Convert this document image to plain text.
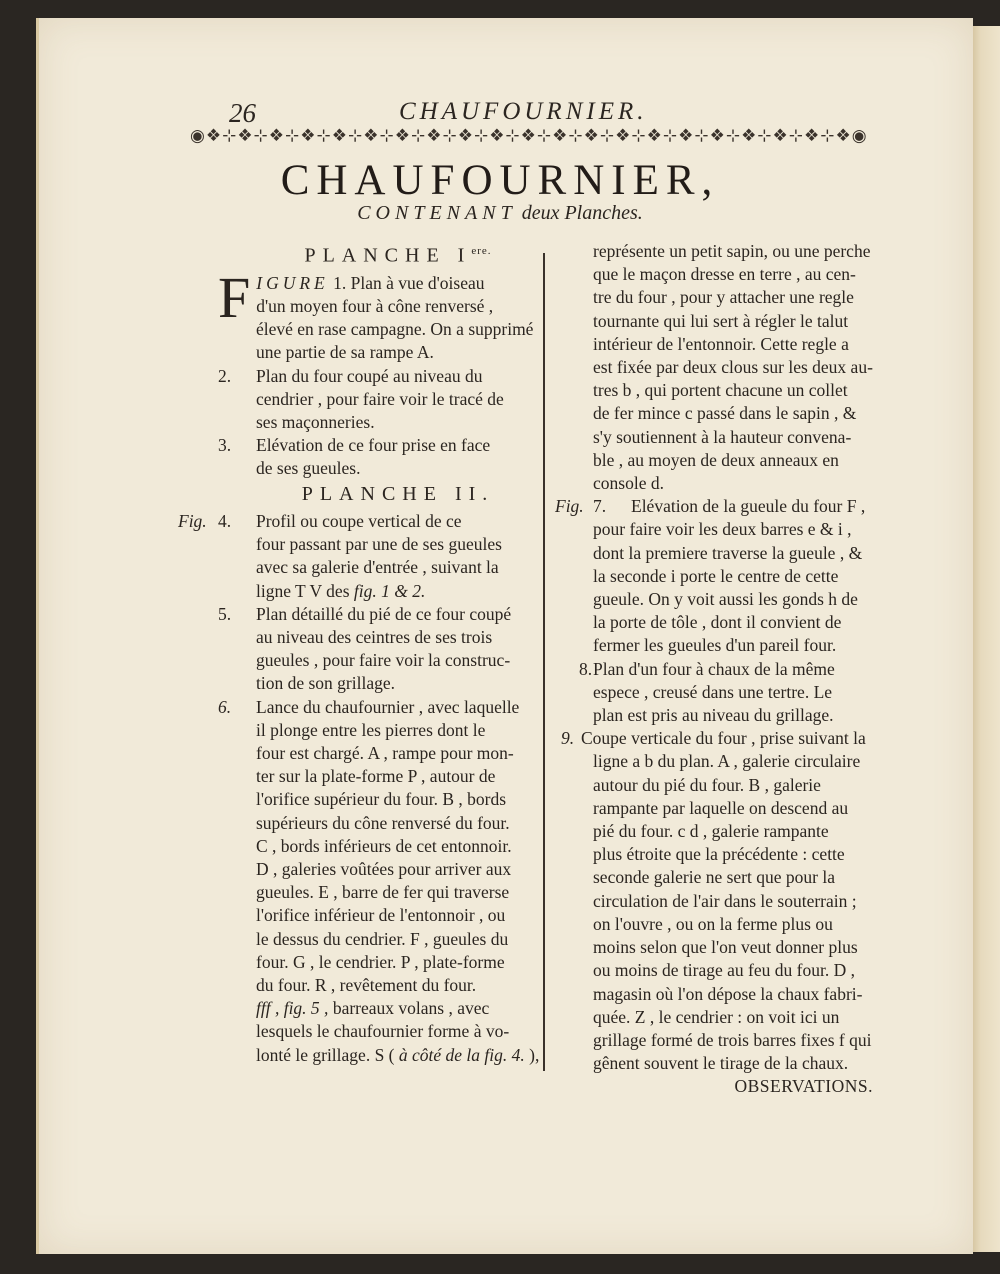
26	CHAUFOURNIER.
◉❖⊹❖⊹❖⊹❖⊹❖⊹❖⊹❖⊹❖⊹❖⊹❖⊹❖⊹❖⊹❖⊹❖⊹❖⊹❖⊹❖⊹❖⊹❖⊹❖⊹❖◉
CHAUFOURNIER,
CONTENANT deux Planches.
PLANCHE $I^{ere.}$
F IGURE 1. Plan à vue d'oiseau
d'un moyen four à cône renversé ,
élevé en rase campagne. On a supprimé
une partie de sa rampe A.
2. Plan du four coupé au niveau du
cendrier , pour faire voir le tracé de
ses maçonneries.
3. Elévation de ce four prise en face
de ses gueules.
PLANCHE II.
Fig. 4. Profil ou coupe vertical de ce
four passant par une de ses gueules
avec sa galerie d'entrée , suivant la
ligne T V des fig. 1 & 2.
5. Plan détaillé du pié de ce four coupé
au niveau des ceintres de ses trois
gueules , pour faire voir la construc-
tion de son grillage.
6. Lance du chaufournier , avec laquelle
il plonge entre les pierres dont le
four est chargé. A , rampe pour mon-
ter sur la plate-forme P , autour de
l'orifice supérieur du four. B , bords
supérieurs du cône renversé du four.
C , bords inférieurs de cet entonnoir.
D , galeries voûtées pour arriver aux
gueules. E , barre de fer qui traverse
l'orifice inférieur de l'entonnoir , ou
le dessus du cendrier. F , gueules du
four. G , le cendrier. P , plate-forme
du four. R , revêtement du four.
fff , fig. 5 , barreaux volans , avec
lesquels le chaufournier forme à vo-
lonté le grillage. S ( à côté de la fig. 4. ),
représente un petit sapin, ou une perche
que le maçon dresse en terre , au cen-
tre du four , pour y attacher une regle
tournante qui lui sert à régler le talut
intérieur de l'entonnoir. Cette regle a
est fixée par deux clous sur les deux au-
tres b , qui portent chacune un collet
de fer mince c passé dans le sapin , &
s'y soutiennent à la hauteur convena-
ble , au moyen de deux anneaux en
console d.
Fig. 7. Elévation de la gueule du four F ,
pour faire voir les deux barres e & i ,
dont la premiere traverse la gueule , &
la seconde i porte le centre de cette
gueule. On y voit aussi les gonds h de
la porte de tôle , dont il convient de
fermer les gueules d'un pareil four.
8.Plan d'un four à chaux de la même
espece , creusé dans une tertre. Le
plan est pris au niveau du grillage.
9. Coupe verticale du four , prise suivant la
ligne a b du plan. A , galerie circulaire
autour du pié du four. B , galerie
rampante par laquelle on descend au
pié du four. c d , galerie rampante
plus étroite que la précédente : cette
seconde galerie ne sert que pour la
circulation de l'air dans le souterrain ;
on l'ouvre , ou on la ferme plus ou
moins selon que l'on veut donner plus
ou moins de tirage au feu du four. D ,
magasin où l'on dépose la chaux fabri-
quée. Z , le cendrier : on voit ici un
grillage formé de trois barres fixes f qui
gênent souvent le tirage de la chaux.
OBSERVATIONS.
